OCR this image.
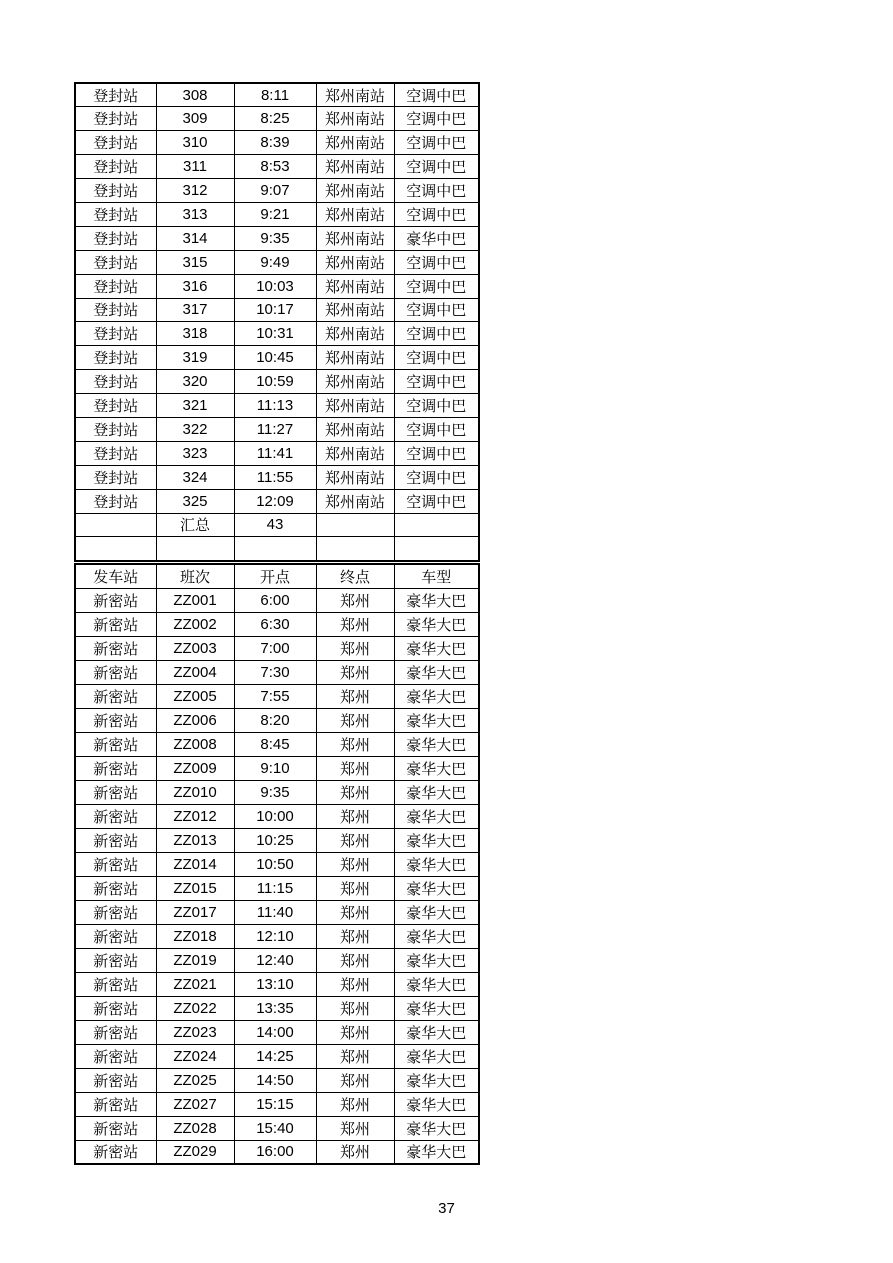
登封站	308	8:11	郑州南站	空调中巴
登封站	309	8:25	郑州南站	空调中巴
登封站	310	8:39	郑州南站	空调中巴
登封站	311	8:53	郑州南站	空调中巴
登封站	312	9:07	郑州南站	空调中巴
登封站	313	9:21	郑州南站	空调中巴
登封站	314	9:35	郑州南站	豪华中巴
登封站	315	9:49	郑州南站	空调中巴
登封站	316	10:03	郑州南站	空调中巴
登封站	317	10:17	郑州南站	空调中巴
登封站	318	10:31	郑州南站	空调中巴
登封站	319	10:45	郑州南站	空调中巴
登封站	320	10:59	郑州南站	空调中巴
登封站	321	11:13	郑州南站	空调中巴
登封站	322	11:27	郑州南站	空调中巴
登封站	323	11:41	郑州南站	空调中巴
登封站	324	11:55	郑州南站	空调中巴
登封站	325	12:09	郑州南站	空调中巴
	汇总	43		

发车站	班次	开点	终点	车型
新密站	ZZ001	6:00	郑州	豪华大巴
新密站	ZZ002	6:30	郑州	豪华大巴
新密站	ZZ003	7:00	郑州	豪华大巴
新密站	ZZ004	7:30	郑州	豪华大巴
新密站	ZZ005	7:55	郑州	豪华大巴
新密站	ZZ006	8:20	郑州	豪华大巴
新密站	ZZ008	8:45	郑州	豪华大巴
新密站	ZZ009	9:10	郑州	豪华大巴
新密站	ZZ010	9:35	郑州	豪华大巴
新密站	ZZ012	10:00	郑州	豪华大巴
新密站	ZZ013	10:25	郑州	豪华大巴
新密站	ZZ014	10:50	郑州	豪华大巴
新密站	ZZ015	11:15	郑州	豪华大巴
新密站	ZZ017	11:40	郑州	豪华大巴
新密站	ZZ018	12:10	郑州	豪华大巴
新密站	ZZ019	12:40	郑州	豪华大巴
新密站	ZZ021	13:10	郑州	豪华大巴
新密站	ZZ022	13:35	郑州	豪华大巴
新密站	ZZ023	14:00	郑州	豪华大巴
新密站	ZZ024	14:25	郑州	豪华大巴
新密站	ZZ025	14:50	郑州	豪华大巴
新密站	ZZ027	15:15	郑州	豪华大巴
新密站	ZZ028	15:40	郑州	豪华大巴
新密站	ZZ029	16:00	郑州	豪华大巴
37
